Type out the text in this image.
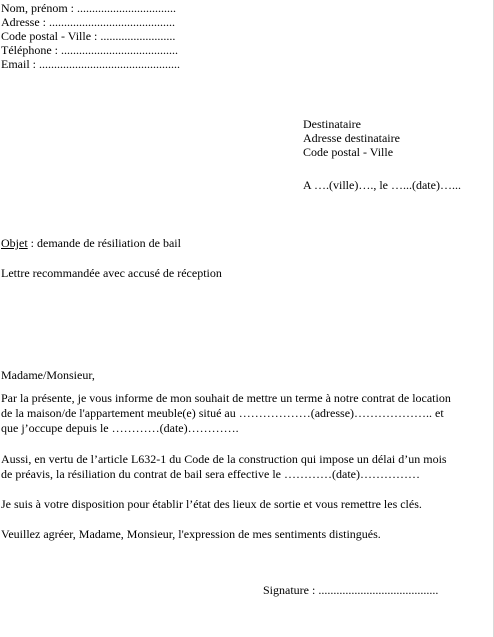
Nom, prénom : .................................
Adresse : ..........................................
Code postal - Ville : .........................
Téléphone : .......................................
Email : ...............................................
Destinataire
Adresse destinataire
Code postal - Ville
A ….(ville)…., le …...(date)…...
Objet : demande de résiliation de bail
Lettre recommandée avec accusé de réception
Madame/Monsieur,
Par la présente, je vous informe de mon souhait de mettre un terme à notre contrat de location
de la maison/de l'appartement meuble(e) situé au ………………(adresse)……………….. et
que j’occupe depuis le …………(date)………….
Aussi, en vertu de l’article L632-1 du Code de la construction qui impose un délai d’un mois
de préavis, la résiliation du contrat de bail sera effective le …………(date)……………
Je suis à votre disposition pour établir l’état des lieux de sortie et vous remettre les clés.
Veuillez agréer, Madame, Monsieur, l'expression de mes sentiments distingués.
Signature : ........................................
